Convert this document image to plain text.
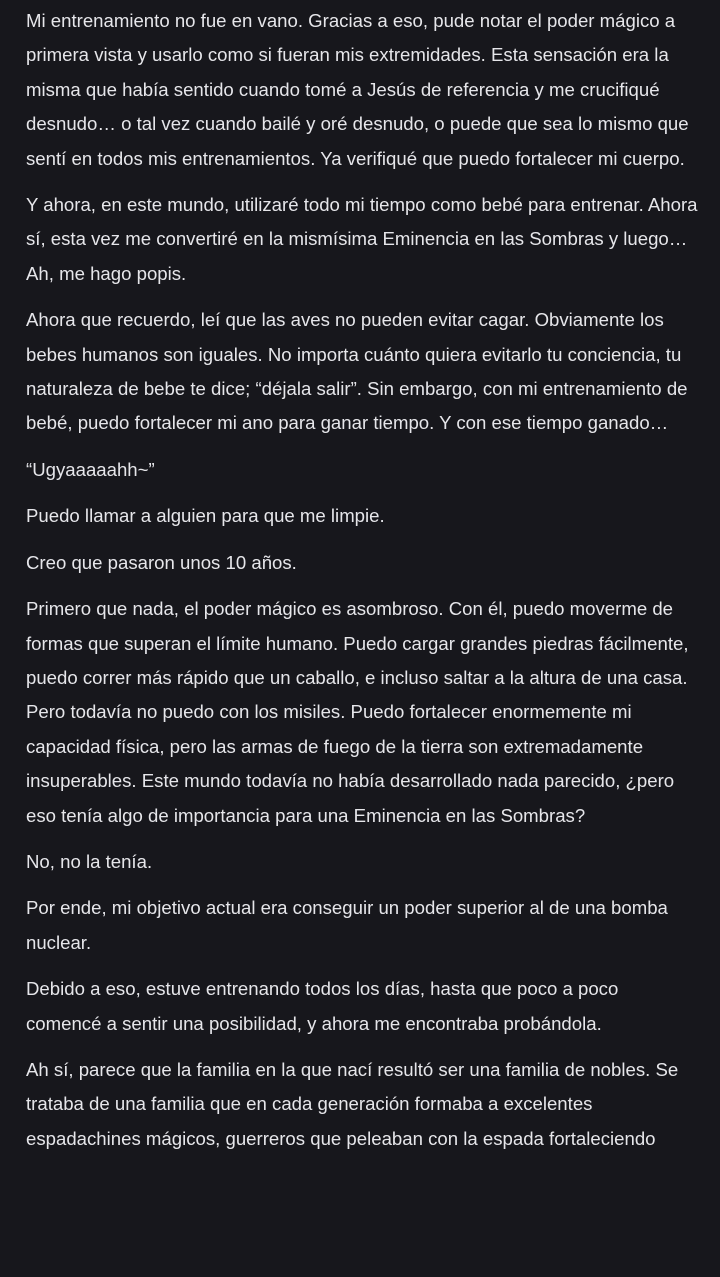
Mi entrenamiento no fue en vano. Gracias a eso, pude notar el poder mágico a primera vista y usarlo como si fueran mis extremidades. Esta sensación era la misma que había sentido cuando tomé a Jesús de referencia y me crucifiqué desnudo… o tal vez cuando bailé y oré desnudo, o puede que sea lo mismo que sentí en todos mis entrenamientos. Ya verifiqué que puedo fortalecer mi cuerpo.

Y ahora, en este mundo, utilizaré todo mi tiempo como bebé para entrenar. Ahora sí, esta vez me convertiré en la mismísima Eminencia en las Sombras y luego… Ah, me hago popis.

Ahora que recuerdo, leí que las aves no pueden evitar cagar. Obviamente los bebes humanos son iguales. No importa cuánto quiera evitarlo tu conciencia, tu naturaleza de bebe te dice; “déjala salir”. Sin embargo, con mi entrenamiento de bebé, puedo fortalecer mi ano para ganar tiempo. Y con ese tiempo ganado…

“Ugyaaaaahh~”

Puedo llamar a alguien para que me limpie.

Creo que pasaron unos 10 años.

Primero que nada, el poder mágico es asombroso. Con él, puedo moverme de formas que superan el límite humano. Puedo cargar grandes piedras fácilmente, puedo correr más rápido que un caballo, e incluso saltar a la altura de una casa. Pero todavía no puedo con los misiles. Puedo fortalecer enormemente mi capacidad física, pero las armas de fuego de la tierra son extremadamente insuperables. Este mundo todavía no había desarrollado nada parecido, ¿pero eso tenía algo de importancia para una Eminencia en las Sombras?

No, no la tenía.

Por ende, mi objetivo actual era conseguir un poder superior al de una bomba nuclear.

Debido a eso, estuve entrenando todos los días, hasta que poco a poco comencé a sentir una posibilidad, y ahora me encontraba probándola.

Ah sí, parece que la familia en la que nací resultó ser una familia de nobles. Se trataba de una familia que en cada generación formaba a excelentes espadachines mágicos, guerreros que peleaban con la espada fortaleciendo
